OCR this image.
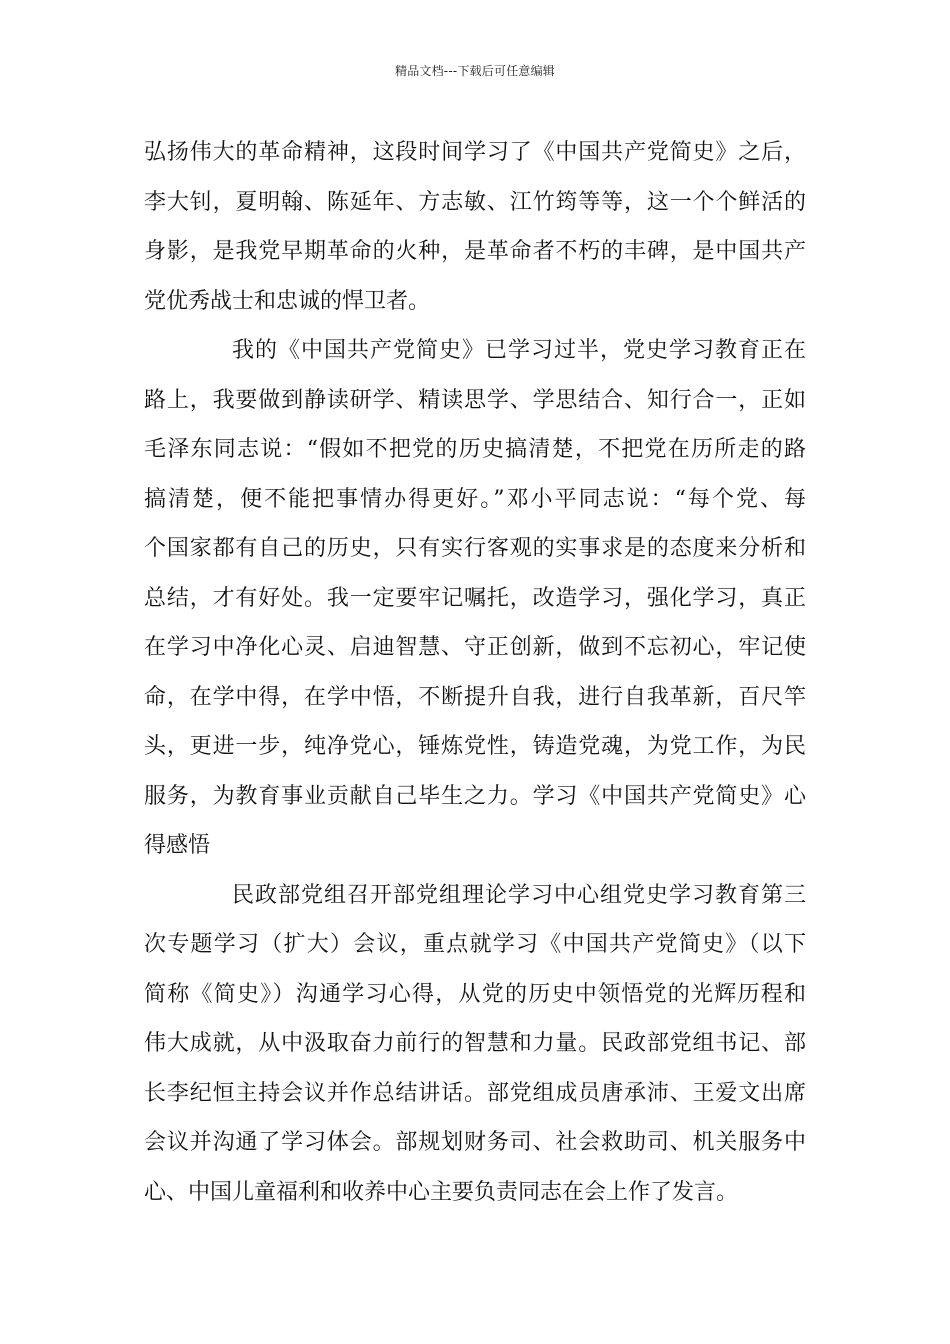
精品文档---下载后可任意编辑
弘扬伟大的革命精神，这段时间学习了《中国共产党简史》之后，
李大钊，夏明翰、陈延年、方志敏、江竹筠等等，这一个个鲜活的
身影，是我党早期革命的火种，是革命者不朽的丰碑，是中国共产
党优秀战士和忠诚的悍卫者。
我的《中国共产党简史》已学习过半，党史学习教育正在
路上，我要做到静读研学、精读思学、学思结合、知行合一，正如
毛泽东同志说：“假如不把党的历史搞清楚，不把党在历所走的路
搞清楚，便不能把事情办得更好。”邓小平同志说：“每个党、每
个国家都有自己的历史，只有实行客观的实事求是的态度来分析和
总结，才有好处。我一定要牢记嘱托，改造学习，强化学习，真正
在学习中净化心灵、启迪智慧、守正创新，做到不忘初心，牢记使
命，在学中得，在学中悟，不断提升自我，进行自我革新，百尺竿
头，更进一步，纯净党心，锤炼党性，铸造党魂，为党工作，为民
服务，为教育事业贡献自己毕生之力。学习《中国共产党简史》心
得感悟
民政部党组召开部党组理论学习中心组党史学习教育第三
次专题学习（扩大）会议，重点就学习《中国共产党简史》（以下
简称《简史》）沟通学习心得，从党的历史中领悟党的光辉历程和
伟大成就，从中汲取奋力前行的智慧和力量。民政部党组书记、部
长李纪恒主持会议并作总结讲话。部党组成员唐承沛、王爱文出席
会议并沟通了学习体会。部规划财务司、社会救助司、机关服务中
心、中国儿童福利和收养中心主要负责同志在会上作了发言。
